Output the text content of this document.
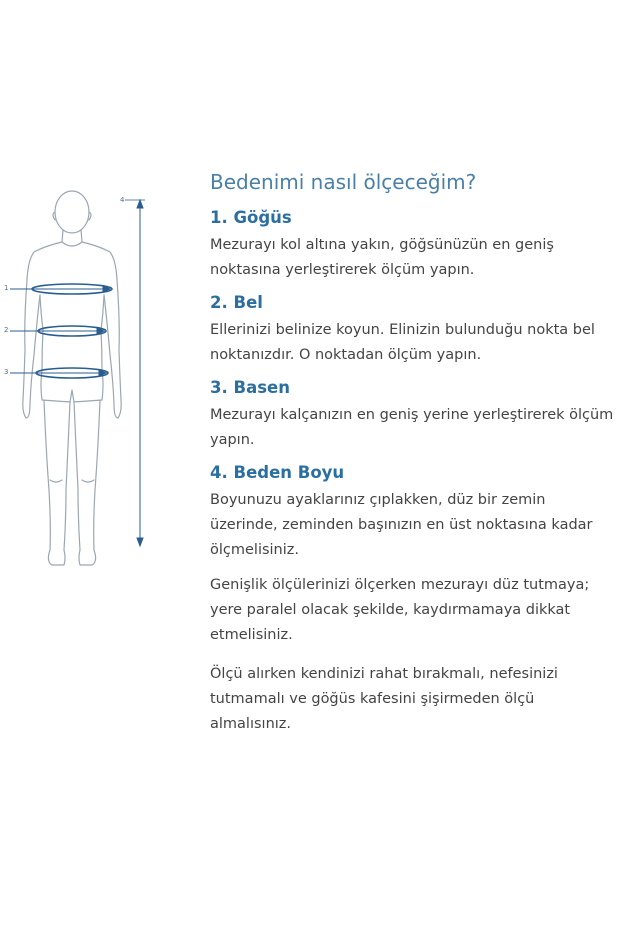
1
2
3
4
Bedenimi nasıl ölçeceğim?
1. Göğüs

Mezurayı kol altına yakın, göğsünüzün en geniş noktasına yerleştirerek ölçüm yapın.

2. Bel

Ellerinizi belinize koyun. Elinizin bulunduğu nokta bel noktanızdır. O noktadan ölçüm yapın.

3. Basen

Mezurayı kalçanızın en geniş yerine yerleştirerek ölçüm yapın.

4. Beden Boyu

Boyunuzu ayaklarınız çıplakken, düz bir zemin üzerinde, zeminden başınızın en üst noktasına kadar ölçmelisiniz.

Genişlik ölçülerinizi ölçerken mezurayı düz tutmaya; yere paralel olacak şekilde, kaydırmamaya dikkat etmelisiniz.

Ölçü alırken kendinizi rahat bırakmalı, nefesinizi tutmamalı ve göğüs kafesini şişirmeden ölçü almalısınız.
